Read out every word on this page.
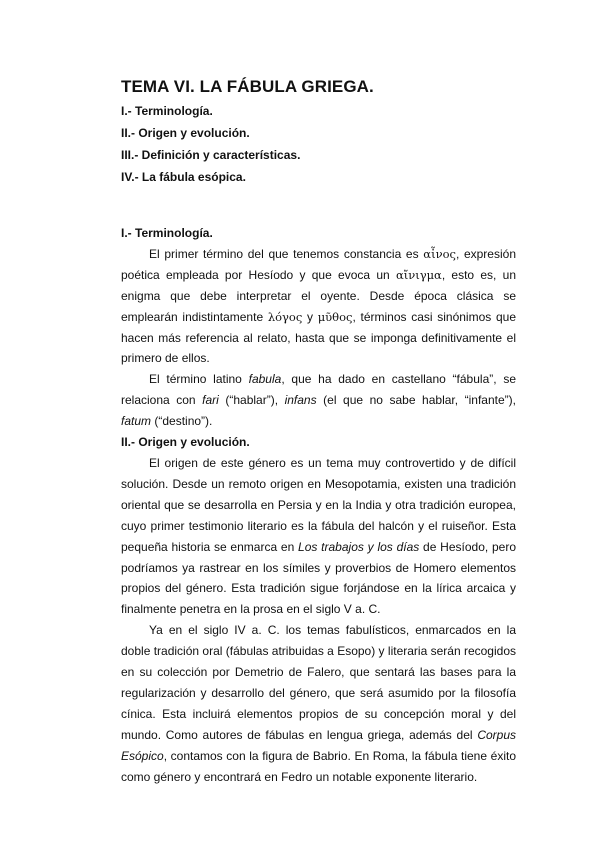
TEMA VI. LA FÁBULA GRIEGA.
I.- Terminología.
II.- Origen y evolución.
III.- Definición y características.
IV.- La fábula esópica.
I.- Terminología.

El primer término del que tenemos constancia es αἶνος, expresión poética empleada por Hesíodo y que evoca un αἴνιγμα, esto es, un enigma que debe interpretar el oyente. Desde época clásica se emplearán indistintamente λόγος y μῦθος, términos casi sinónimos que hacen más referencia al relato, hasta que se imponga definitivamente el primero de ellos.

El término latino fabula, que ha dado en castellano “fábula”, se relaciona con fari (“hablar”), infans (el que no sabe hablar, “infante”), fatum (“destino”).

II.- Origen y evolución.

El origen de este género es un tema muy controvertido y de difícil solución. Desde un remoto origen en Mesopotamia, existen una tradición oriental que se desarrolla en Persia y en la India y otra tradición europea, cuyo primer testimonio literario es la fábula del halcón y el ruiseñor. Esta pequeña historia se enmarca en Los trabajos y los días de Hesíodo, pero podríamos ya rastrear en los símiles y proverbios de Homero elementos propios del género. Esta tradición sigue forjándose en la lírica arcaica y finalmente penetra en la prosa en el siglo V a. C.

Ya en el siglo IV a. C. los temas fabulísticos, enmarcados en la doble tradición oral (fábulas atribuidas a Esopo) y literaria serán recogidos en su colección por Demetrio de Falero, que sentará las bases para la regularización y desarrollo del género, que será asumido por la filosofía cínica. Esta incluirá elementos propios de su concepción moral y del mundo. Como autores de fábulas en lengua griega, además del Corpus Esópico, contamos con la figura de Babrio. En Roma, la fábula tiene éxito como género y encontrará en Fedro un notable exponente literario.
